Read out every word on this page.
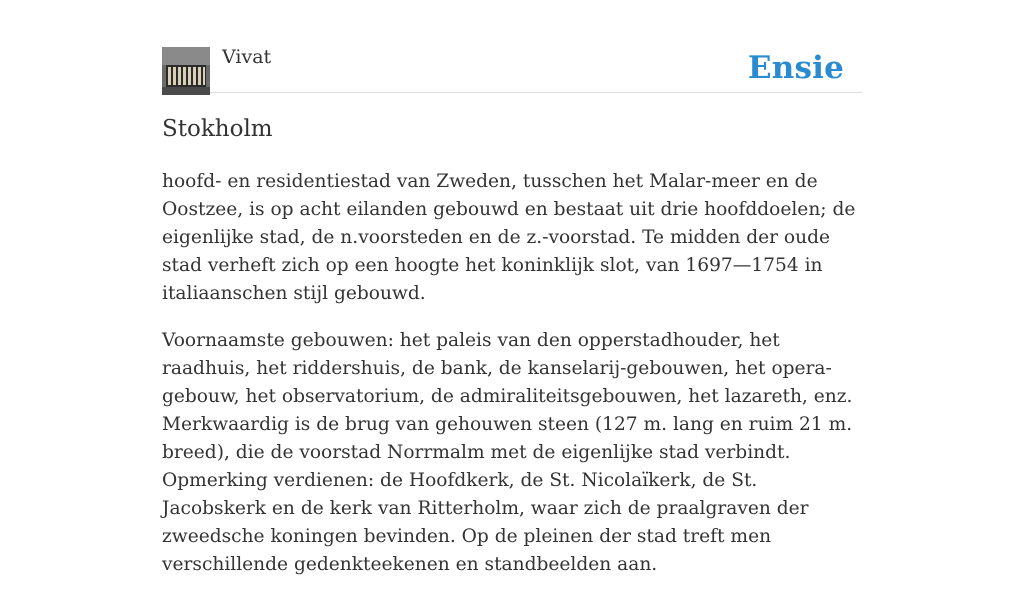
Vivat	Ensie
Stokholm

hoofd- en residentiestad van Zweden, tusschen het Malar-meer en de Oostzee, is op acht eilanden gebouwd en bestaat uit drie hoofddoelen; de eigenlijke stad, de n.voorsteden en de z.-voorstad. Te midden der oude stad verheft zich op een hoogte het koninklijk slot, van 1697—1754 in italiaanschen stijl gebouwd.

Voornaamste gebouwen: het paleis van den opperstadhouder, het raadhuis, het riddershuis, de bank, de kanselarij-gebouwen, het opera-gebouw, het observatorium, de admiraliteitsgebouwen, het lazareth, enz. Merkwaardig is de brug van gehouwen steen (127 m. lang en ruim 21 m. breed), die de voorstad Norrmalm met de eigenlijke stad verbindt. Opmerking verdienen: de Hoofdkerk, de St. Nicolaïkerk, de St. Jacobskerk en de kerk van Ritterholm, waar zich de praalgraven der zweedsche koningen bevinden. Op de pleinen der stad treft men verschillende gedenkteekenen en standbeelden aan.
